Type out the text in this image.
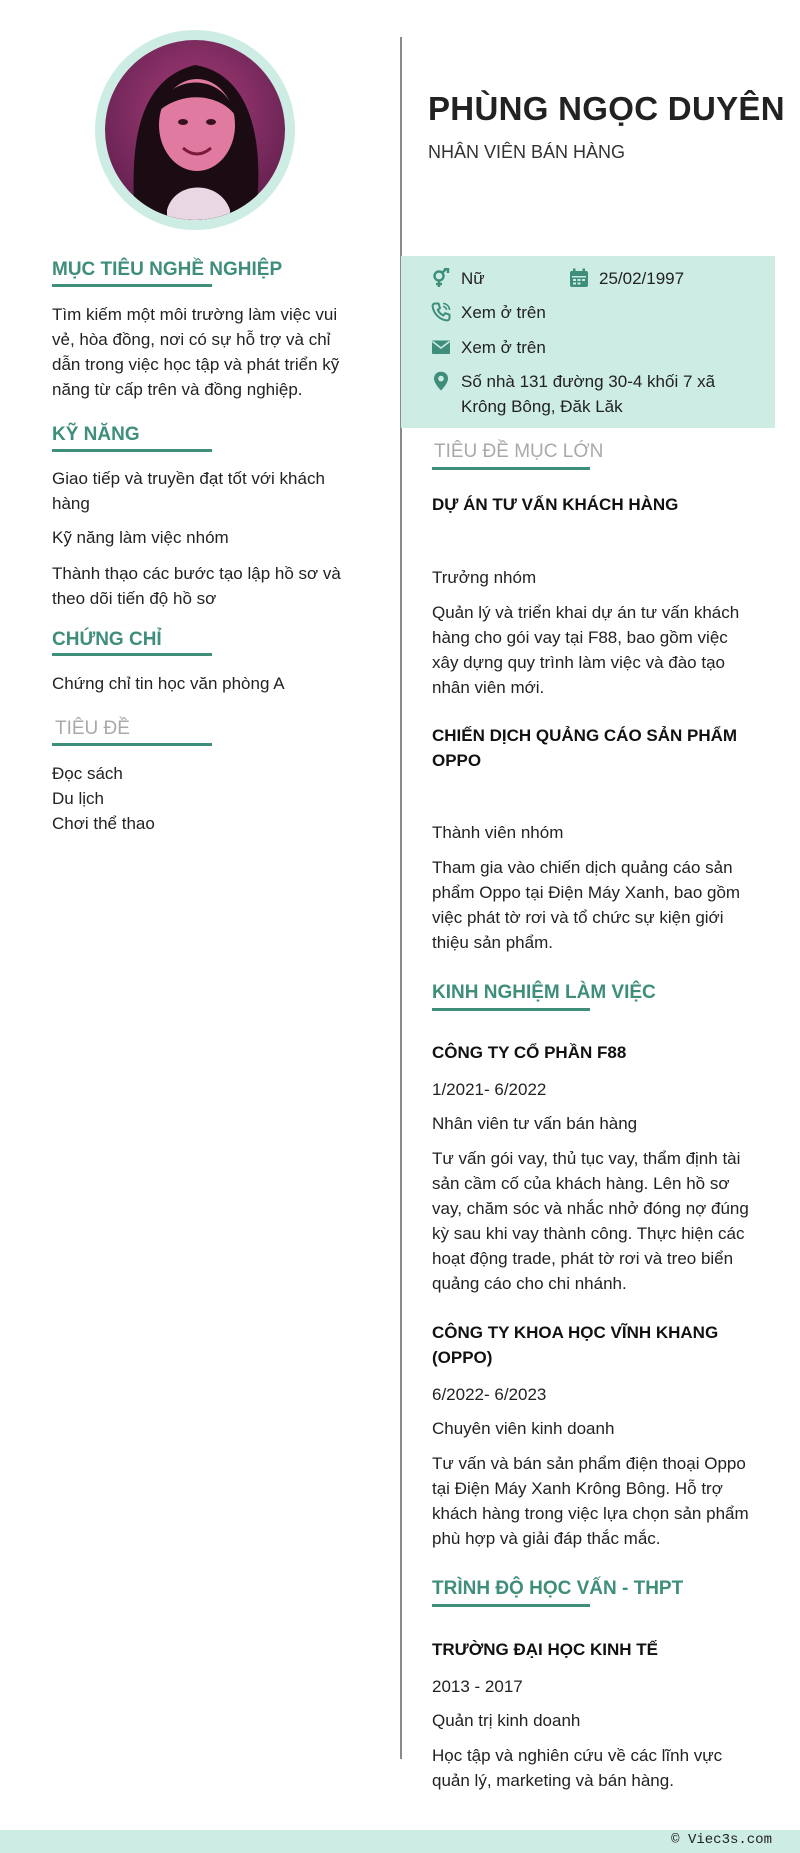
MỤC TIÊU NGHỀ NGHIỆP
Tìm kiếm một môi trường làm việc vui
vẻ, hòa đồng, nơi có sự hỗ trợ và chỉ
dẫn trong việc học tập và phát triển kỹ
năng từ cấp trên và đồng nghiệp.
KỸ NĂNG
Giao tiếp và truyền đạt tốt với khách
hàng
Kỹ năng làm việc nhóm
Thành thạo các bước tạo lập hồ sơ và
theo dõi tiến độ hồ sơ
CHỨNG CHỈ
Chứng chỉ tin học văn phòng A
TIÊU ĐỀ
Đọc sách
Du lịch
Chơi thể thao
PHÙNG NGỌC DUYÊN
NHÂN VIÊN BÁN HÀNG
Nữ	25/02/1997
Xem ở trên
Xem ở trên
Số nhà 131 đường 30-4 khối 7 xã
Krông Bông, Đăk Lăk
TIÊU ĐỀ MỤC LỚN
DỰ ÁN TƯ VẤN KHÁCH HÀNG
Trưởng nhóm
Quản lý và triển khai dự án tư vấn khách
hàng cho gói vay tại F88, bao gồm việc
xây dựng quy trình làm việc và đào tạo
nhân viên mới.
CHIẾN DỊCH QUẢNG CÁO SẢN PHẨM
OPPO
Thành viên nhóm
Tham gia vào chiến dịch quảng cáo sản
phẩm Oppo tại Điện Máy Xanh, bao gồm
việc phát tờ rơi và tổ chức sự kiện giới
thiệu sản phẩm.
KINH NGHIỆM LÀM VIỆC
CÔNG TY CỔ PHẦN F88
1/2021- 6/2022
Nhân viên tư vấn bán hàng
Tư vấn gói vay, thủ tục vay, thẩm định tài
sản cầm cố của khách hàng. Lên hồ sơ
vay, chăm sóc và nhắc nhở đóng nợ đúng
kỳ sau khi vay thành công. Thực hiện các
hoạt động trade, phát tờ rơi và treo biển
quảng cáo cho chi nhánh.
CÔNG TY KHOA HỌC VĨNH KHANG
(OPPO)
6/2022- 6/2023
Chuyên viên kinh doanh
Tư vấn và bán sản phẩm điện thoại Oppo
tại Điện Máy Xanh Krông Bông. Hỗ trợ
khách hàng trong việc lựa chọn sản phẩm
phù hợp và giải đáp thắc mắc.
TRÌNH ĐỘ HỌC VẤN - THPT
TRƯỜNG ĐẠI HỌC KINH TẾ
2013 - 2017
Quản trị kinh doanh
Học tập và nghiên cứu về các lĩnh vực
quản lý, marketing và bán hàng.
© Viec3s.com
